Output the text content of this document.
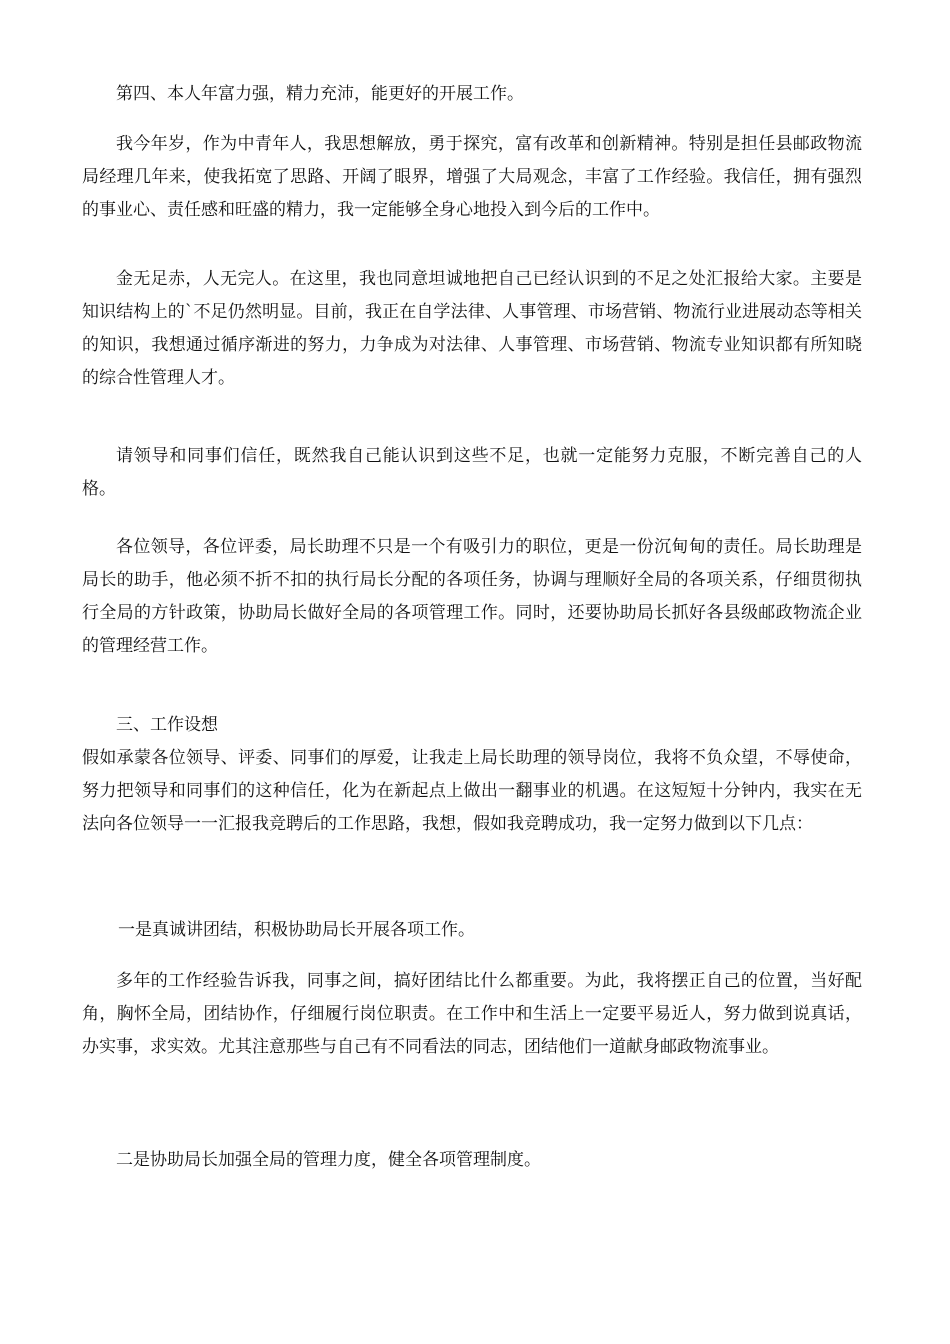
第四、本人年富力强，精力充沛，能更好的开展工作。

我今年岁，作为中青年人，我思想解放，勇于探究，富有改革和创新精神。特别是担任县邮政物流局经理几年来，使我拓宽了思路、开阔了眼界，增强了大局观念，丰富了工作经验。我信任，拥有强烈的事业心、责任感和旺盛的精力，我一定能够全身心地投入到今后的工作中。

金无足赤，人无完人。在这里，我也同意坦诚地把自己已经认识到的不足之处汇报给大家。主要是知识结构上的`不足仍然明显。目前，我正在自学法律、人事管理、市场营销、物流行业进展动态等相关的知识，我想通过循序渐进的努力，力争成为对法律、人事管理、市场营销、物流专业知识都有所知晓的综合性管理人才。

请领导和同事们信任，既然我自己能认识到这些不足，也就一定能努力克服，不断完善自己的人格。

各位领导，各位评委，局长助理不只是一个有吸引力的职位，更是一份沉甸甸的责任。局长助理是局长的助手，他必须不折不扣的执行局长分配的各项任务，协调与理顺好全局的各项关系，仔细贯彻执行全局的方针政策，协助局长做好全局的各项管理工作。同时，还要协助局长抓好各县级邮政物流企业的管理经营工作。

三、工作设想

假如承蒙各位领导、评委、同事们的厚爱，让我走上局长助理的领导岗位，我将不负众望，不辱使命，努力把领导和同事们的这种信任，化为在新起点上做出一翻事业的机遇。在这短短十分钟内，我实在无法向各位领导一一汇报我竞聘后的工作思路，我想，假如我竞聘成功，我一定努力做到以下几点：

一是真诚讲团结，积极协助局长开展各项工作。

多年的工作经验告诉我，同事之间，搞好团结比什么都重要。为此，我将摆正自己的位置，当好配角，胸怀全局，团结协作，仔细履行岗位职责。在工作中和生活上一定要平易近人，努力做到说真话，办实事，求实效。尤其注意那些与自己有不同看法的同志，团结他们一道献身邮政物流事业。

二是协助局长加强全局的管理力度，健全各项管理制度。
